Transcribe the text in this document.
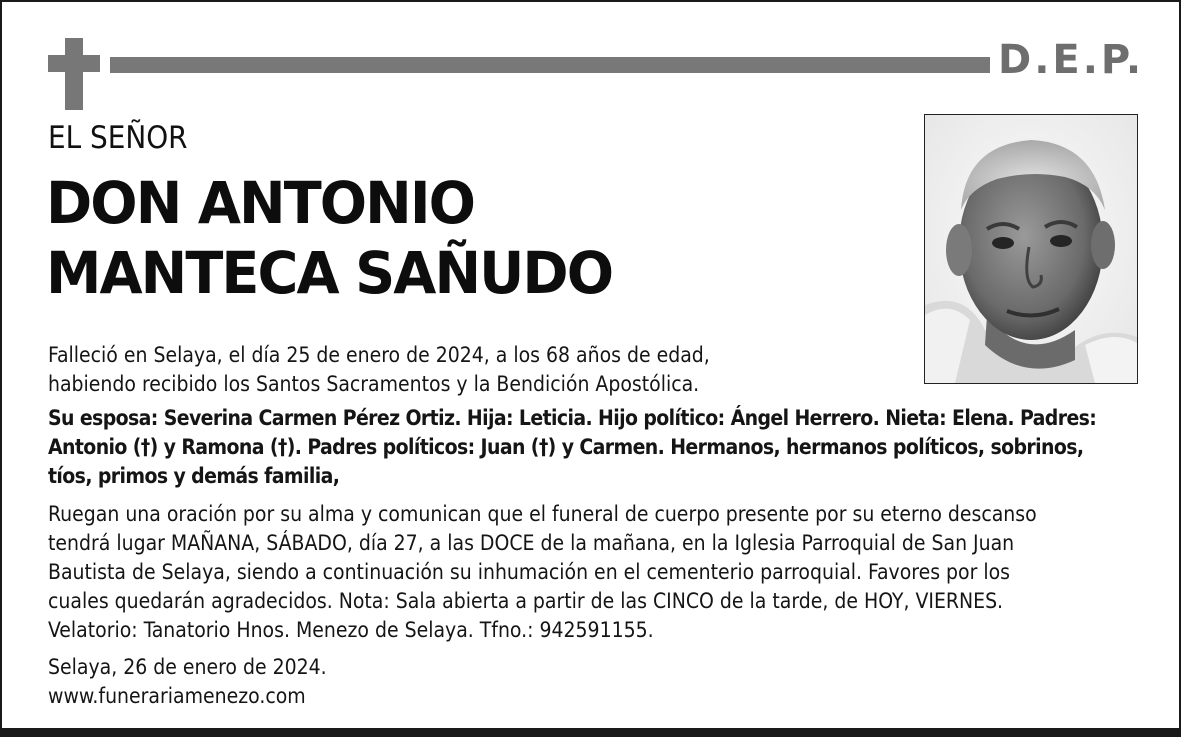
D.E.P.
EL SEÑOR
DON ANTONIO
MANTECA SAÑUDO
Falleció en Selaya, el día 25 de enero de 2024, a los 68 años de edad,
habiendo recibido los Santos Sacramentos y la Bendición Apostólica.
Su esposa: Severina Carmen Pérez Ortiz. Hija: Leticia. Hijo político: Ángel Herrero. Nieta: Elena. Padres:
Antonio (†) y Ramona (†). Padres políticos: Juan (†) y Carmen. Hermanos, hermanos políticos, sobrinos,
tíos, primos y demás familia,
Ruegan una oración por su alma y comunican que el funeral de cuerpo presente por su eterno descanso
tendrá lugar MAÑANA, SÁBADO, día 27, a las DOCE de la mañana, en la Iglesia Parroquial de San Juan
Bautista de Selaya, siendo a continuación su inhumación en el cementerio parroquial. Favores por los
cuales quedarán agradecidos. Nota: Sala abierta a partir de las CINCO de la tarde, de HOY, VIERNES.
Velatorio: Tanatorio Hnos. Menezo de Selaya. Tfno.: 942591155.
Selaya, 26 de enero de 2024.
www.funerariamenezo.com
